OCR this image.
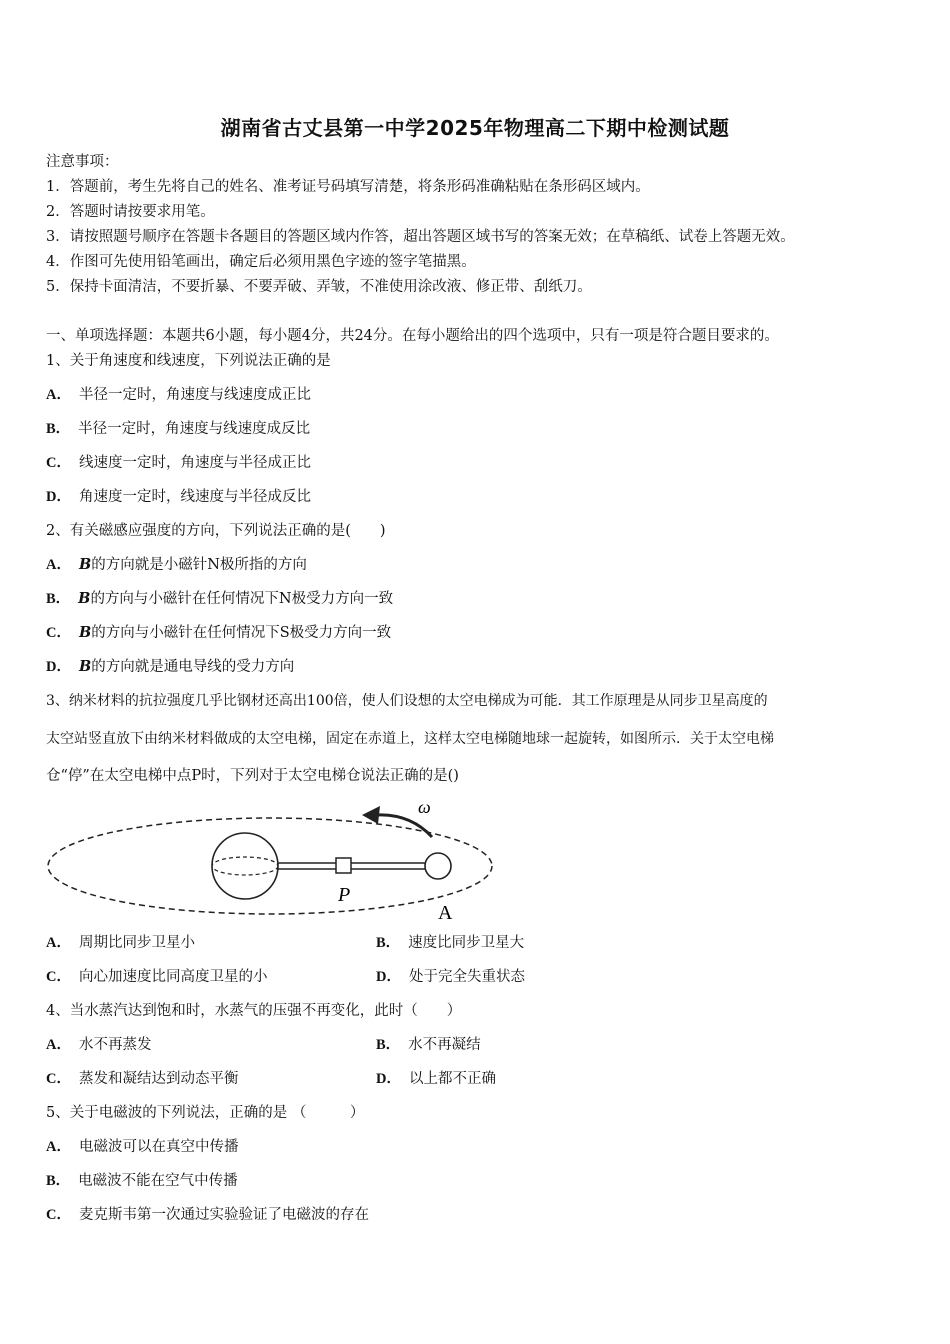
湖南省古丈县第一中学2025年物理高二下期中检测试题
注意事项：
1．答题前，考生先将自己的姓名、准考证号码填写清楚，将条形码准确粘贴在条形码区域内。
2．答题时请按要求用笔。
3．请按照题号顺序在答题卡各题目的答题区域内作答，超出答题区域书写的答案无效；在草稿纸、试卷上答题无效。
4．作图可先使用铅笔画出，确定后必须用黑色字迹的签字笔描黑。
5．保持卡面清洁，不要折暴、不要弄破、弄皱，不准使用涂改液、修正带、刮纸刀。
一、单项选择题：本题共6小题，每小题4分，共24分。在每小题给出的四个选项中，只有一项是符合题目要求的。
1、关于角速度和线速度，下列说法正确的是
A． 半径一定时，角速度与线速度成正比
B． 半径一定时，角速度与线速度成反比
C． 线速度一定时，角速度与半径成正比
D． 角速度一定时，线速度与半径成反比
2、有关磁感应强度的方向，下列说法正确的是(　　)
A． B的方向就是小磁针N极所指的方向
B． B的方向与小磁针在任何情况下N极受力方向一致
C． B的方向与小磁针在任何情况下S极受力方向一致
D． B的方向就是通电导线的受力方向
3、纳米材料的抗拉强度几乎比钢材还高出100倍，使人们设想的太空电梯成为可能．其工作原理是从同步卫星高度的
太空站竖直放下由纳米材料做成的太空电梯，固定在赤道上，这样太空电梯随地球一起旋转，如图所示．关于太空电梯
仓“停”在太空电梯中点P时，下列对于太空电梯仓说法正确的是()
ω
P
A
A． 周期比同步卫星小	B． 速度比同步卫星大
C． 向心加速度比同高度卫星的小	D． 处于完全失重状态
4、当水蒸汽达到饱和时，水蒸气的压强不再变化，此时（　　）
A． 水不再蒸发	B． 水不再凝结
C． 蒸发和凝结达到动态平衡	D． 以上都不正确
5、关于电磁波的下列说法，正确的是 （　　　）
A． 电磁波可以在真空中传播
B． 电磁波不能在空气中传播
C． 麦克斯韦第一次通过实验验证了电磁波的存在
